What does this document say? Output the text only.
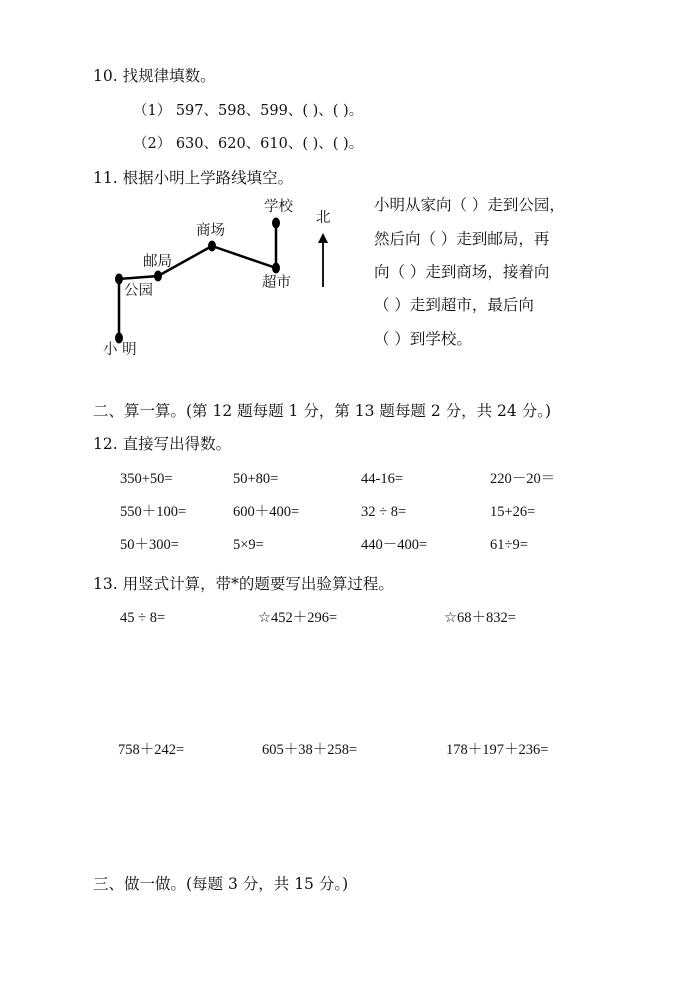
10. 找规律填数。
（1） 597、598、599、( )、( )。
（2） 630、620、610、( )、( )。
11. 根据小明上学路线填空。
学校
商场
邮局
公园	超市
小 明
北
小明从家向（ ）走到公园，
然后向（ ）走到邮局，再
向（ ）走到商场，接着向
（ ）走到超市，最后向
（ ）到学校。
二、算一算。(第 12 题每题 1 分，第 13 题每题 2 分，共 24 分。)
12. 直接写出得数。
350+50=	50+80=	44-16=	220－20＝
550＋100=	600＋400=	32 ÷ 8=	15+26=
50＋300=	5×9=	440－400=	61÷9=
13. 用竖式计算，带*的题要写出验算过程。
45 ÷ 8=	☆452＋296=	☆68＋832=
758＋242=	605＋38＋258=	178＋197＋236=
三、做一做。(每题 3 分，共 15 分。)
